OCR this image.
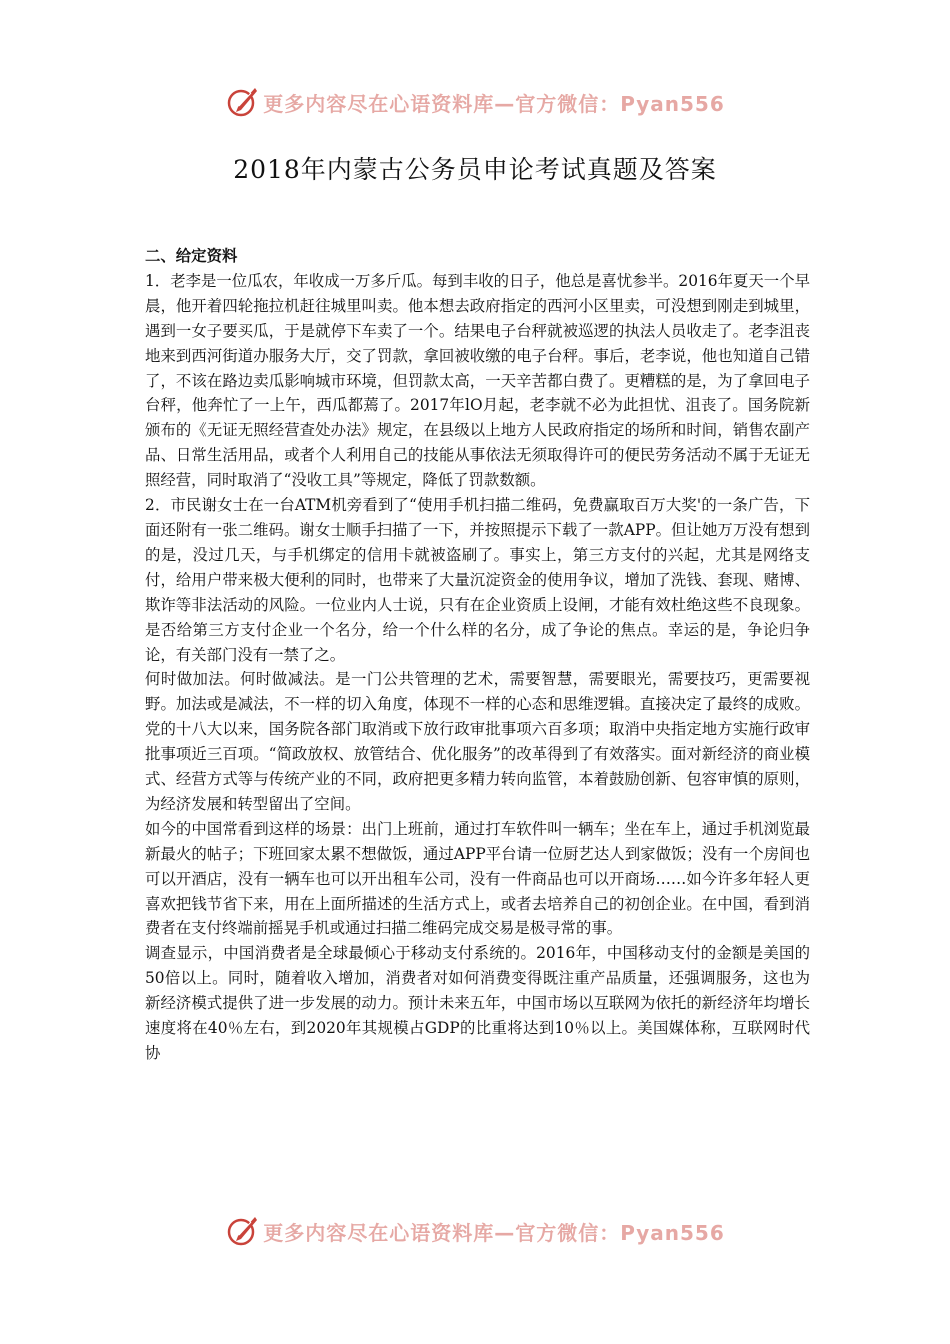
更多内容尽在心语资料库—官方微信：Pyan556
2018年内蒙古公务员申论考试真题及答案
二、给定资料

1．老李是一位瓜农，年收成一万多斤瓜。每到丰收的日子，他总是喜忧参半。2016年夏天一个早晨，他开着四轮拖拉机赶往城里叫卖。他本想去政府指定的西河小区里卖，可没想到刚走到城里，遇到一女子要买瓜，于是就停下车卖了一个。结果电子台秤就被巡逻的执法人员收走了。老李沮丧地来到西河街道办服务大厅，交了罚款，拿回被收缴的电子台秤。事后，老李说，他也知道自己错了，不该在路边卖瓜影响城市环境，但罚款太高，一天辛苦都白费了。更糟糕的是，为了拿回电子台秤，他奔忙了一上午，西瓜都蔫了。2017年lO月起，老李就不必为此担忧、沮丧了。国务院新颁布的《无证无照经营查处办法》规定，在县级以上地方人民政府指定的场所和时间，销售农副产品、日常生活用品，或者个人利用自己的技能从事依法无须取得许可的便民劳务活动不属于无证无照经营，同时取消了“没收工具”等规定，降低了罚款数额。

2．市民谢女士在一台ATM机旁看到了“使用手机扫描二维码，免费赢取百万大奖'的一条广告，下面还附有一张二维码。谢女士顺手扫描了一下，并按照提示下载了一款APP。但让她万万没有想到的是，没过几天，与手机绑定的信用卡就被盗刷了。事实上，第三方支付的兴起，尤其是网络支付，给用户带来极大便利的同时，也带来了大量沉淀资金的使用争议，增加了洗钱、套现、赌博、欺诈等非法活动的风险。一位业内人士说，只有在企业资质上设闸，才能有效杜绝这些不良现象。是否给第三方支付企业一个名分，给一个什么样的名分，成了争论的焦点。幸运的是，争论归争论，有关部门没有一禁了之。

何时做加法。何时做减法。是一门公共管理的艺术，需要智慧，需要眼光，需要技巧，更需要视野。加法或是减法，不一样的切入角度，体现不一样的心态和思维逻辑。直接决定了最终的成败。党的十八大以来，国务院各部门取消或下放行政审批事项六百多项；取消中央指定地方实施行政审批事项近三百项。“简政放权、放管结合、优化服务”的改革得到了有效落实。面对新经济的商业模式、经营方式等与传统产业的不同，政府把更多精力转向监管，本着鼓励创新、包容审慎的原则，为经济发展和转型留出了空间。

如今的中国常看到这样的场景：出门上班前，通过打车软件叫一辆车；坐在车上，通过手机浏览最新最火的帖子；下班回家太累不想做饭，通过APP平台请一位厨艺达人到家做饭；没有一个房间也可以开酒店，没有一辆车也可以开出租车公司，没有一件商品也可以开商场……如今许多年轻人更喜欢把钱节省下来，用在上面所描述的生活方式上，或者去培养自己的初创企业。在中国，看到消费者在支付终端前摇晃手机或通过扫描二维码完成交易是极寻常的事。

调查显示，中国消费者是全球最倾心于移动支付系统的。2016年，中国移动支付的金额是美国的50倍以上。同时，随着收入增加，消费者对如何消费变得既注重产品质量，还强调服务，这也为新经济模式提供了进一步发展的动力。预计未来五年，中国市场以互联网为依托的新经济年均增长速度将在40％左右，到2020年其规模占GDP的比重将达到10％以上。美国媒体称，互联网时代协

更多内容尽在心语资料库—官方微信：Pyan556
